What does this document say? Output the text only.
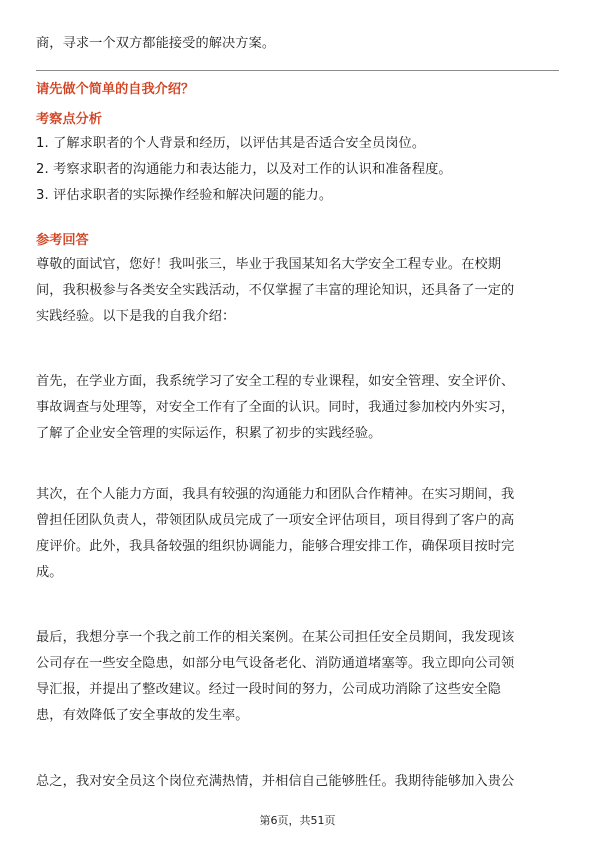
商，寻求一个双方都能接受的解决方案。
请先做个简单的自我介绍？
考察点分析
1. 了解求职者的个人背景和经历，以评估其是否适合安全员岗位。
2. 考察求职者的沟通能力和表达能力，以及对工作的认识和准备程度。
3. 评估求职者的实际操作经验和解决问题的能力。
参考回答
尊敬的面试官，您好！我叫张三，毕业于我国某知名大学安全工程专业。在校期
间，我积极参与各类安全实践活动，不仅掌握了丰富的理论知识，还具备了一定的
实践经验。以下是我的自我介绍：
首先，在学业方面，我系统学习了安全工程的专业课程，如安全管理、安全评价、
事故调查与处理等，对安全工作有了全面的认识。同时，我通过参加校内外实习，
了解了企业安全管理的实际运作，积累了初步的实践经验。
其次，在个人能力方面，我具有较强的沟通能力和团队合作精神。在实习期间，我
曾担任团队负责人，带领团队成员完成了一项安全评估项目，项目得到了客户的高
度评价。此外，我具备较强的组织协调能力，能够合理安排工作，确保项目按时完
成。
最后，我想分享一个我之前工作的相关案例。在某公司担任安全员期间，我发现该
公司存在一些安全隐患，如部分电气设备老化、消防通道堵塞等。我立即向公司领
导汇报，并提出了整改建议。经过一段时间的努力，公司成功消除了这些安全隐
患，有效降低了安全事故的发生率。
总之，我对安全员这个岗位充满热情，并相信自己能够胜任。我期待能够加入贵公
第6页，共51页
